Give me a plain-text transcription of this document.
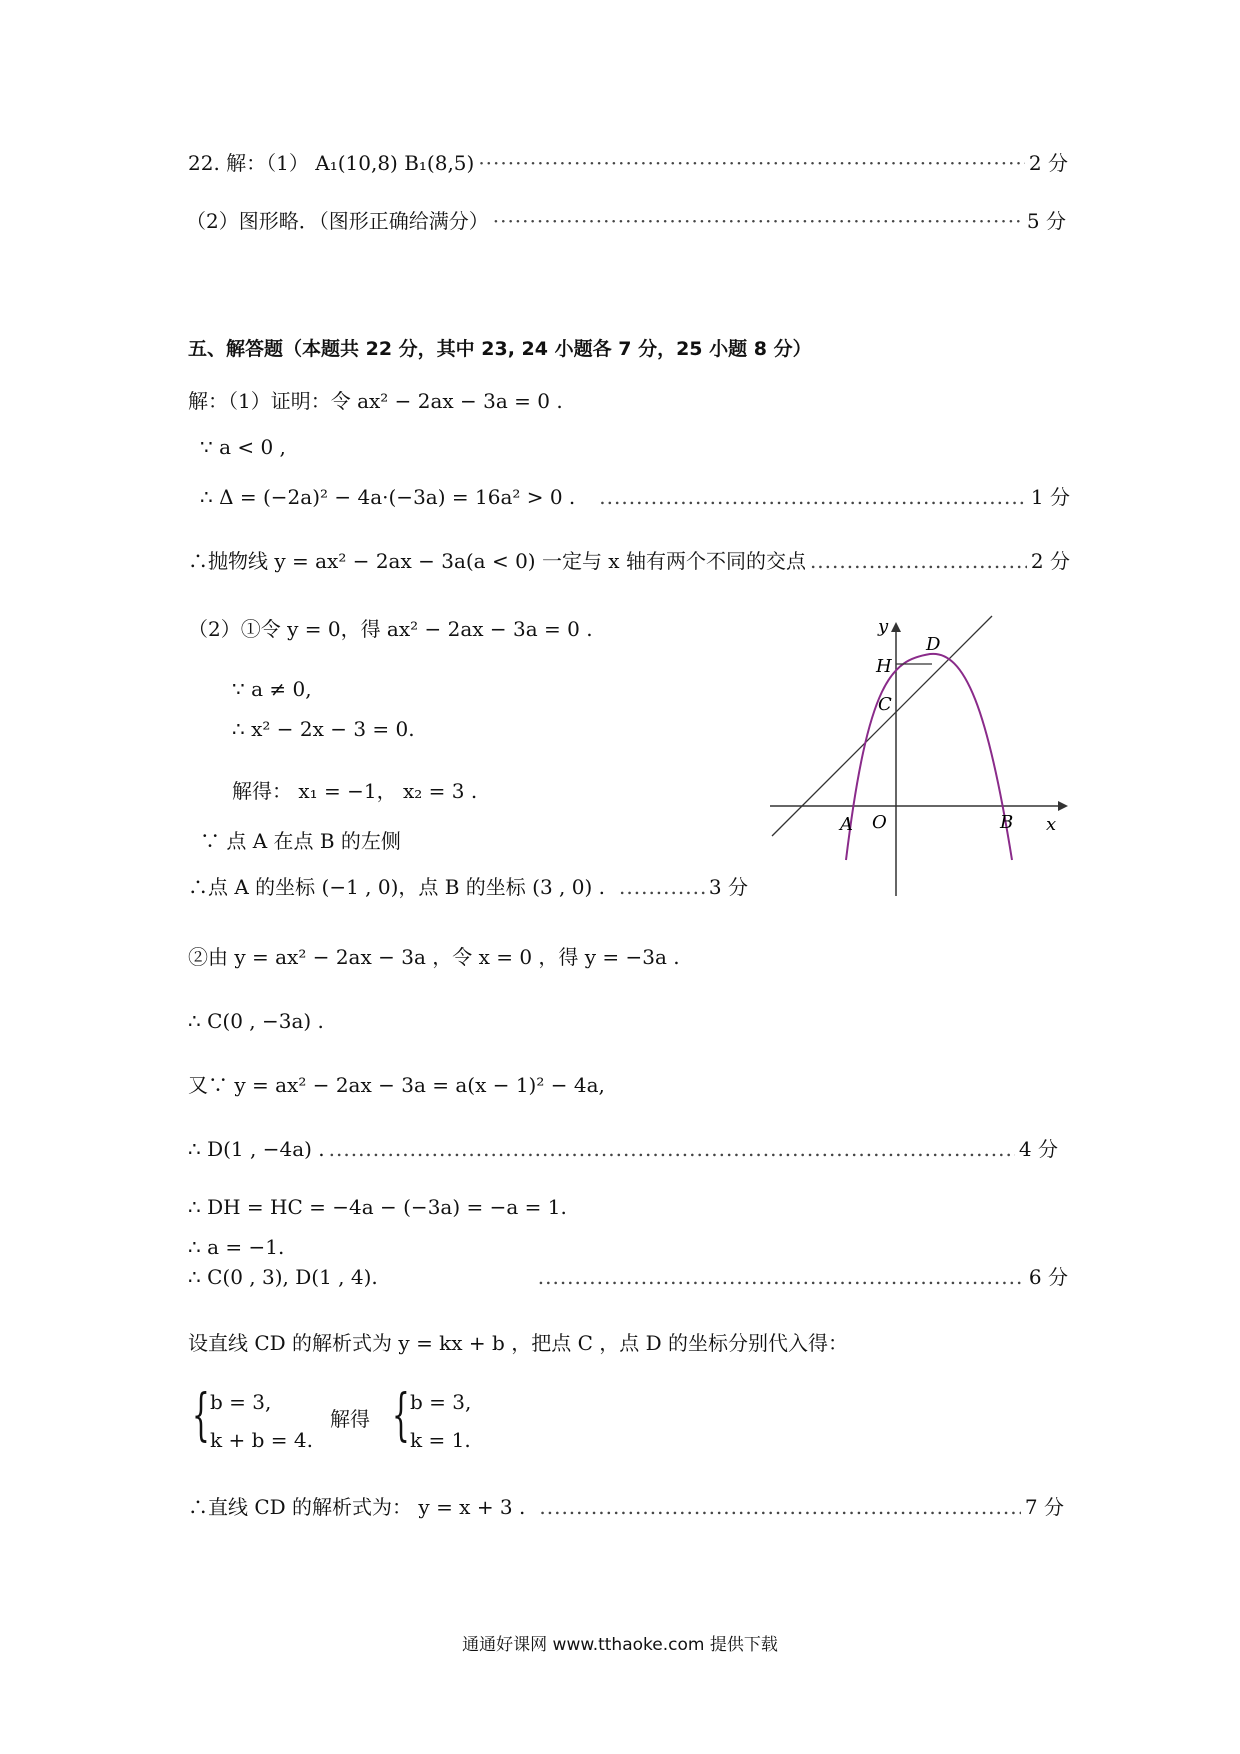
22. 解：（1） A₁(10,8) B₁(8,5) ·····	2 分
（2）图形略．（图形正确给满分） ·····	5 分
五、解答题（本题共 22 分，其中 23, 24 小题各 7 分，25 小题 8 分）
解：（1）证明：令 ax² − 2ax − 3a = 0 .
∵ a < 0 ,
∴ Δ = (−2a)² − 4a·(−3a) = 16a² > 0 . .....	1 分
∴抛物线 y = ax² − 2ax − 3a(a < 0) 一定与 x 轴有两个不同的交点 .....	2 分
（2）①令 y = 0，得 ax² − 2ax − 3a = 0 .
∵ a ≠ 0,
∴ x² − 2x − 3 = 0.
解得： x₁ = −1， x₂ = 3 .
∵ 点 A 在点 B 的左侧
∴点 A 的坐标 (−1 , 0)，点 B 的坐标 (3 , 0) . .....	3 分
②由 y = ax² − 2ax − 3a ，令 x = 0 ，得 y = −3a .
∴ C(0 , −3a) .
又∵ y = ax² − 2ax − 3a = a(x − 1)² − 4a,
∴ D(1 , −4a) . .....	4 分
∴ DH = HC = −4a − (−3a) = −a = 1.
∴ a = −1.
∴ C(0 , 3), D(1 , 4). .....	6 分
设直线 CD 的解析式为 y = kx + b ，把点 C ，点 D 的坐标分别代入得：
{ b = 3,
k + b = 4.
解得 { b = 3,
k = 1.
∴直线 CD 的解析式为： y = x + 3 . .....	7 分
y
x
O
A	B
C
D
H
通通好课网 www.tthaoke.com 提供下载
